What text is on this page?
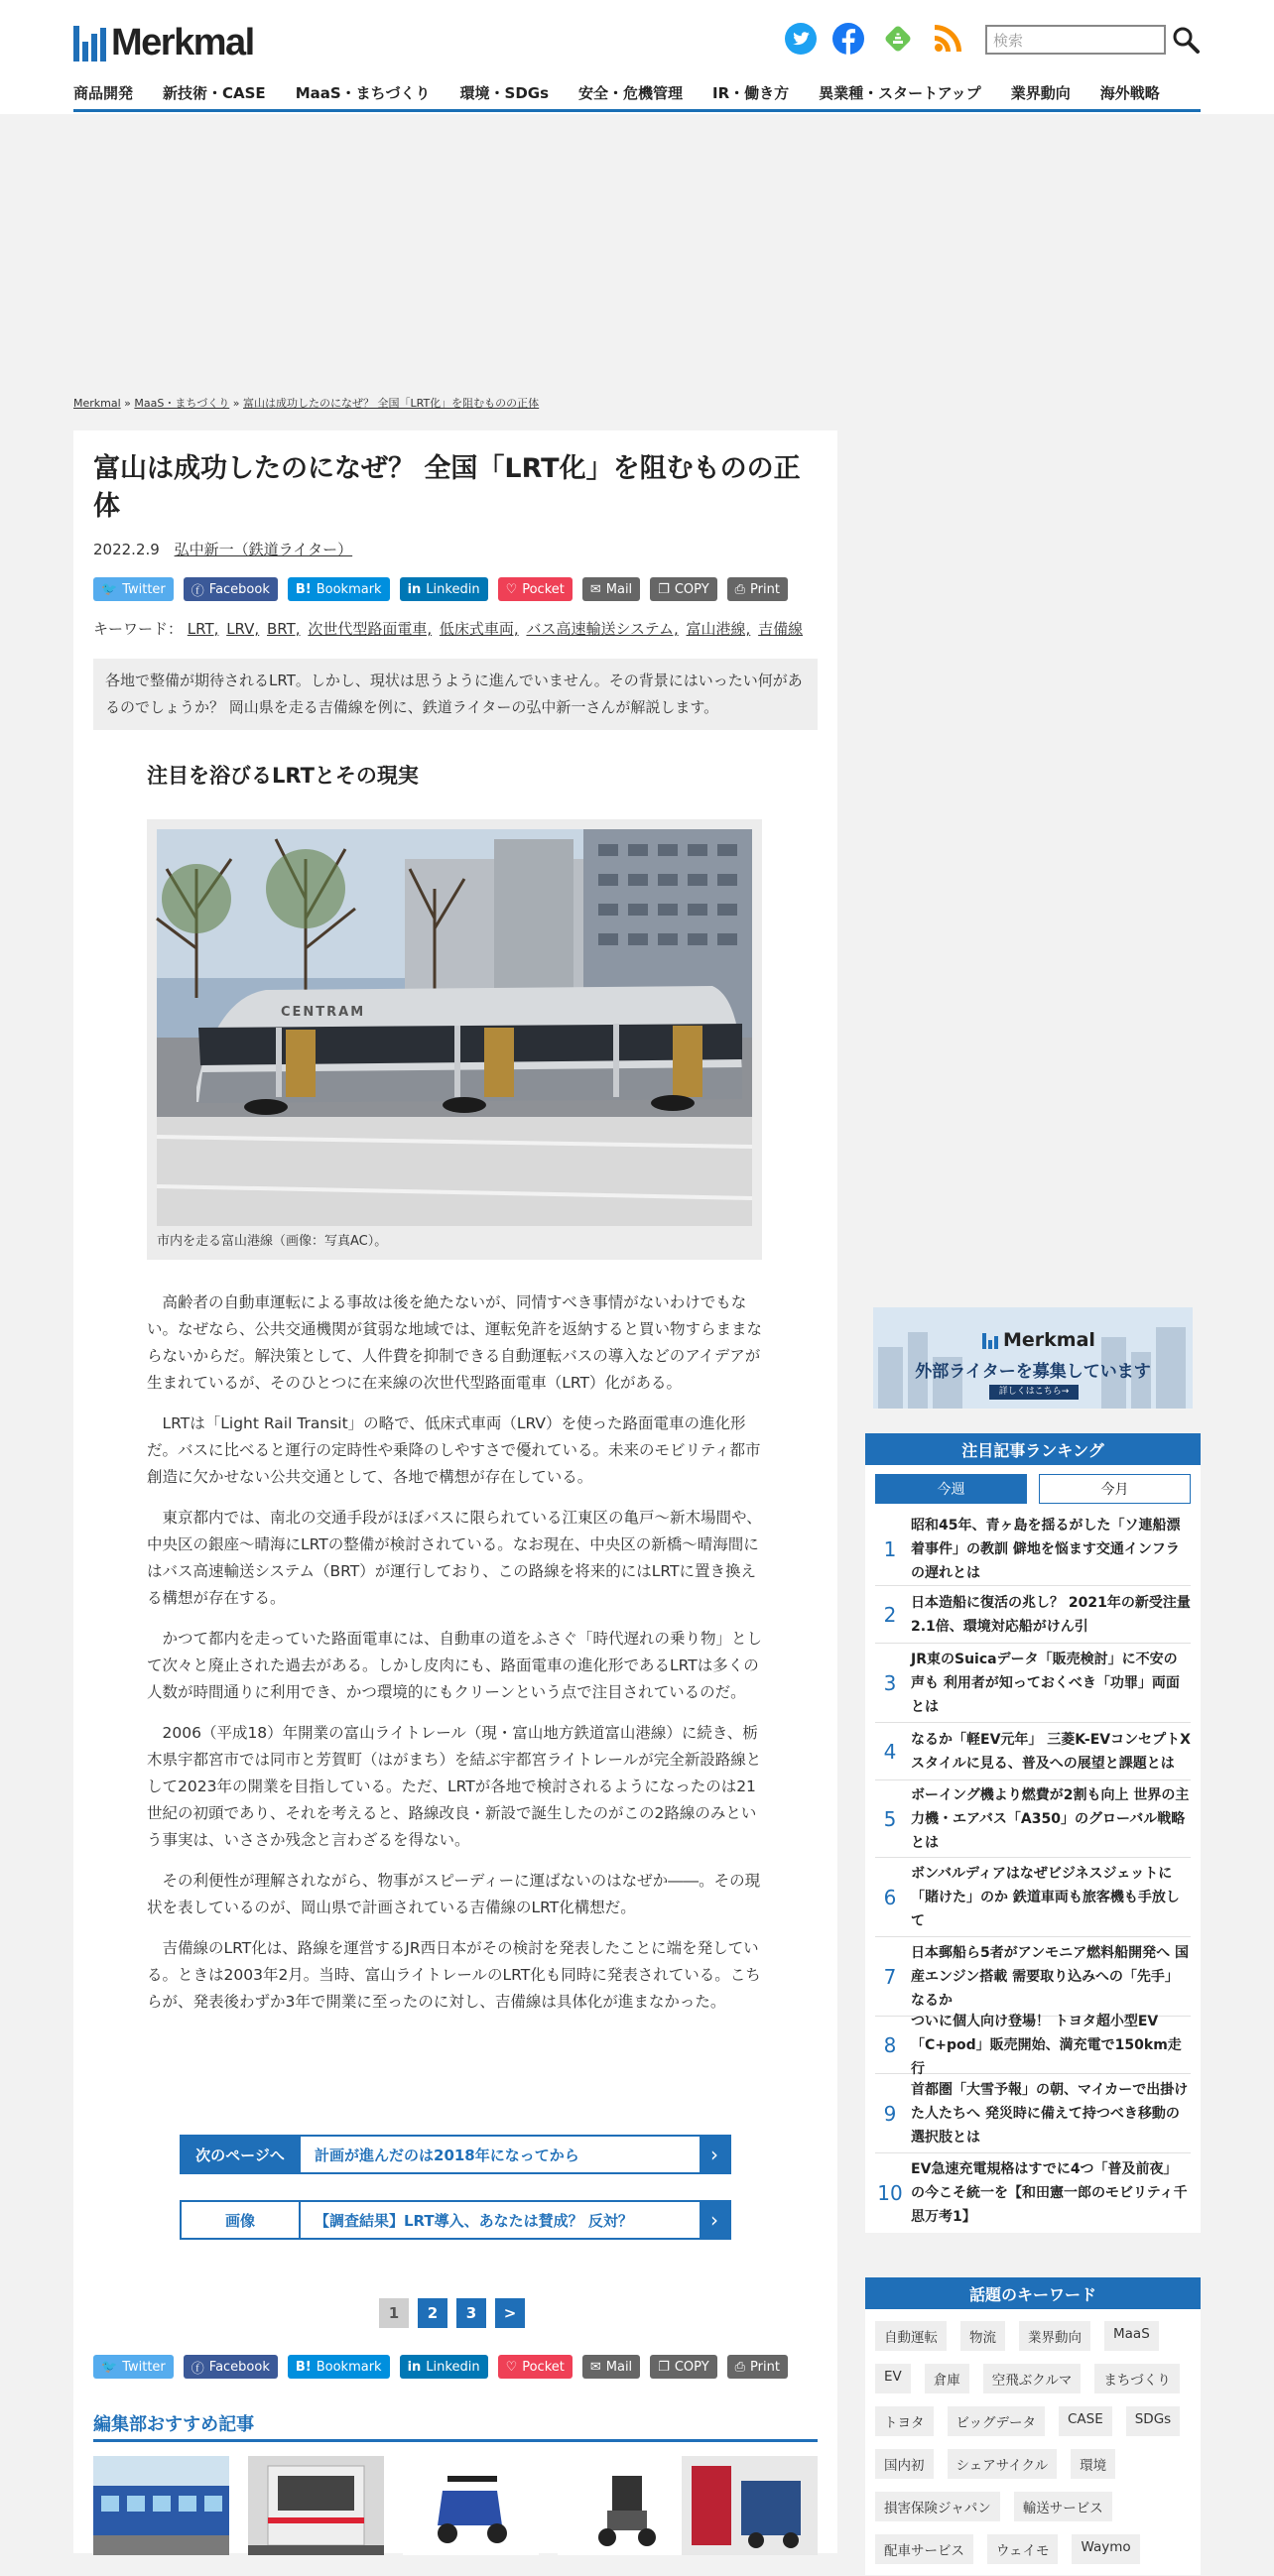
Merkmal	検索
商品開発 新技術・CASE MaaS・まちづくり 環境・SDGs 安全・危機管理 IR・働き方 異業種・スタートアップ 業界動向 海外戦略
Merkmal » MaaS・まちづくり » 富山は成功したのになぜ？ 全国「LRT化」を阻むものの正体
富山は成功したのになぜ？ 全国「LRT化」を阻むものの正体
2022.2.9 弘中新一（鉄道ライター）
🐦 Twitter ⓕ Facebook B! Bookmark in Linkedin ♡ Pocket ✉ Mail ❐ COPY ⎙ Print
キーワード： LRT, LRV, BRT, 次世代型路面電車, 低床式車両, バス高速輸送システム, 富山港線, 吉備線
各地で整備が期待されるLRT。しかし、現状は思うように進んでいません。その背景にはいったい何があるのでしょうか？ 岡山県を走る吉備線を例に、鉄道ライターの弘中新一さんが解説します。
注目を浴びるLRTとその現実
CENTRAM
市内を走る富山港線（画像：写真AC）。

高齢者の自動車運転による事故は後を絶たないが、同情すべき事情がないわけでもない。なぜなら、公共交通機関が貧弱な地域では、運転免許を返納すると買い物すらままならないからだ。解決策として、人件費を抑制できる自動運転バスの導入などのアイデアが生まれているが、そのひとつに在来線の次世代型路面電車（LRT）化がある。

LRTは「Light Rail Transit」の略で、低床式車両（LRV）を使った路面電車の進化形だ。バスに比べると運行の定時性や乗降のしやすさで優れている。未来のモビリティ都市創造に欠かせない公共交通として、各地で構想が存在している。

東京都内では、南北の交通手段がほぼバスに限られている江東区の亀戸～新木場間や、中央区の銀座～晴海にLRTの整備が検討されている。なお現在、中央区の新橋～晴海間にはバス高速輸送システム（BRT）が運行しており、この路線を将来的にはLRTに置き換える構想が存在する。

かつて都内を走っていた路面電車には、自動車の道をふさぐ「時代遅れの乗り物」として次々と廃止された過去がある。しかし皮肉にも、路面電車の進化形であるLRTは多くの人数が時間通りに利用でき、かつ環境的にもクリーンという点で注目されているのだ。

2006（平成18）年開業の富山ライトレール（現・富山地方鉄道富山港線）に続き、栃木県宇都宮市では同市と芳賀町（はがまち）を結ぶ宇都宮ライトレールが完全新設路線として2023年の開業を目指している。ただ、LRTが各地で検討されるようになったのは21世紀の初頭であり、それを考えると、路線改良・新設で誕生したのがこの2路線のみという事実は、いささか残念と言わざるを得ない。

その利便性が理解されながら、物事がスピーディーに運ばないのはなぜか――。その現状を表しているのが、岡山県で計画されている吉備線のLRT化構想だ。

吉備線のLRT化は、路線を運営するJR西日本がその検討を発表したことに端を発している。ときは2003年2月。当時、富山ライトレールのLRT化も同時に発表されている。こちらが、発表後わずか3年で開業に至ったのに対し、吉備線は具体化が進まなかった。

次のページへ	計画が進んだのは2018年になってから	›
画像	【調査結果】LRT導入、あなたは賛成？ 反対？	›
1	2	3	>
🐦 Twitter ⓕ Facebook B! Bookmark in Linkedin ♡ Pocket ✉ Mail ❐ COPY ⎙ Print
編集部おすすめ記事
Merkmal
外部ライターを募集しています
詳しくはこちら→
注目記事ランキング
今週	今月
1
昭和45年、青ヶ島を揺るがした「ソ連船漂着事件」の教訓 僻地を悩ます交通インフラの遅れとは
2	日本造船に復活の兆し？ 2021年の新受注量2.1倍、環境対応船がけん引
3
JR東のSuicaデータ「販売検討」に不安の声も 利用者が知っておくべき「功罪」両面とは
4	なるか「軽EV元年」 三菱K-EVコンセプトXスタイルに見る、普及への展望と課題とは
5
ボーイング機より燃費が2割も向上 世界の主力機・エアバス「A350」のグローバル戦略とは
6
ボンバルディアはなぜビジネスジェットに「賭けた」のか 鉄道車両も旅客機も手放して
7
日本郵船ら5者がアンモニア燃料船開発へ 国産エンジン搭載 需要取り込みへの「先手」なるか
8
ついに個人向け登場！ トヨタ超小型EV「C+pod」販売開始、満充電で150km走行
9
首都圏「大雪予報」の朝、マイカーで出掛けた人たちへ 発災時に備えて持つべき移動の選択肢とは
10
EV急速充電規格はすでに4つ「普及前夜」の今こそ統一を【和田憲一郎のモビリティ千思万考1】
話題のキーワード
自動運転	物流	業界動向	MaaS
EV	倉庫	空飛ぶクルマ	まちづくり
トヨタ	ビッグデータ	CASE	SDGs
国内初	シェアサイクル	環境
損害保険ジャパン	輸送サービス
配車サービス	ウェイモ	Waymo
